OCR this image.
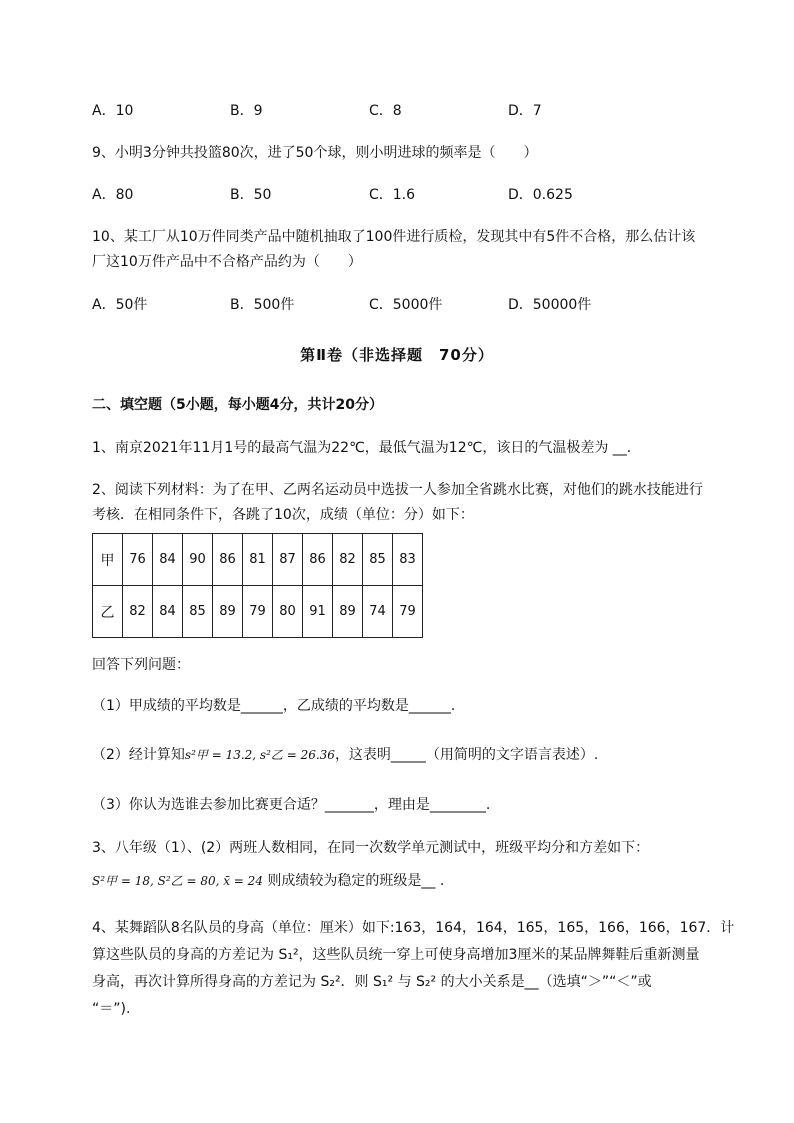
A．10	B．9	C．8	D．7
9、小明3分钟共投篮80次，进了50个球，则小明进球的频率是（　　）
A．80	B．50	C．1.6	D．0.625
10、某工厂从10万件同类产品中随机抽取了100件进行质检，发现其中有5件不合格，那么估计该
厂这10万件产品中不合格产品约为（　　）
A．50件	B．500件	C．5000件	D．50000件
第Ⅱ卷（非选择题　70分）
二、填空题（5小题，每小题4分，共计20分）
1、南京2021年11月1号的最高气温为22℃，最低气温为12℃，该日的气温极差为 __.
2、阅读下列材料：为了在甲、乙两名运动员中选拔一人参加全省跳水比赛，对他们的跳水技能进行
考核．在相同条件下，各跳了10次，成绩（单位：分）如下：
甲	76	84	90	86	81	87	86	82	85	83
乙	82	84	85	89	79	80	91	89	74	79
回答下列问题：
（1）甲成绩的平均数是______，乙成绩的平均数是______.
（2）经计算知s²甲 = 13.2, s²乙 = 26.36，这表明_____（用简明的文字语言表述）.
（3）你认为选谁去参加比赛更合适？_______，理由是________.
3、八年级（1）、(2）两班人数相同，在同一次数学单元测试中，班级平均分和方差如下：
S²甲 = 18, S²乙 = 80, x̄ = 24 则成绩较为稳定的班级是__ .
4、某舞蹈队8名队员的身高（单位：厘米）如下:163，164，164，165，165，166，166，167．计
算这些队员的身高的方差记为 S₁²，这些队员统一穿上可使身高增加3厘米的某品牌舞鞋后重新测量
身高，再次计算所得身高的方差记为 S₂²．则 S₁² 与 S₂² 的大小关系是__（选填“＞”“＜”或
“＝”).
